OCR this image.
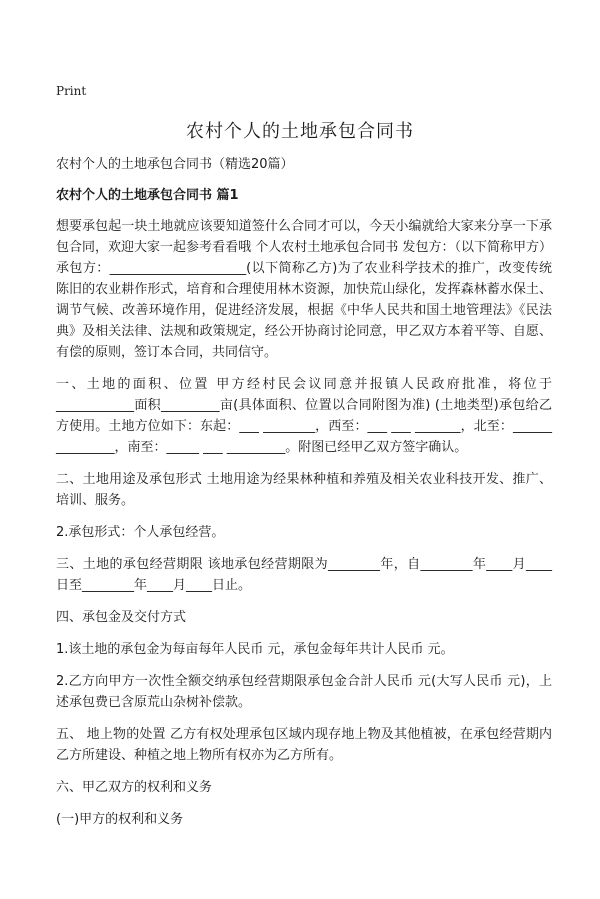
Print
农村个人的土地承包合同书

农村个人的土地承包合同书（精选20篇）

农村个人的土地承包合同书 篇1

想要承包起一块土地就应该要知道签什么合同才可以，今天小编就给大家来分享一下承包合同，欢迎大家一起参考看看哦 个人农村土地承包合同书 发包方：（以下简称甲方）承包方：_____________________(以下简称乙方)为了农业科学技术的推广，改变传统陈旧的农业耕作形式，培育和合理使用林木资源，加快荒山绿化，发挥森林蓄水保土、调节气候、改善环境作用，促进经济发展，根据《中华人民共和国土地管理法》《民法典》及相关法律、法规和政策规定，经公开协商讨论同意，甲乙双方本着平等、自愿、有偿的原则，签订本合同，共同信守。

一、土地的面积、位置 甲方经村民会议同意并报镇人民政府批准，将位于____________面积_________亩(具体面积、位置以合同附图为准) (土地类型)承包给乙方使用。土地方位如下：东起：___ ________，西至：___ ___ _______，北至：______ _________，南至：_____ ___ _________。附图已经甲乙双方签字确认。

二、土地用途及承包形式 土地用途为经果林种植和养殖及相关农业科技开发、推广、培训、服务。

2.承包形式：个人承包经营。

三、土地的承包经营期限 该地承包经营期限为________年，自________年____月____日至________年____月____日止。

四、承包金及交付方式

1.该土地的承包金为每亩每年人民币 元，承包金每年共计人民币 元。

2.乙方向甲方一次性全额交纳承包经营期限承包金合計人民币 元(大写人民币 元)，上述承包费已含原荒山杂树补偿款。

五、 地上物的处置 乙方有权处理承包区域内现存地上物及其他植被，在承包经营期内乙方所建设、种植之地上物所有权亦为乙方所有。

六、甲乙双方的权利和义务

(一)甲方的权利和义务
